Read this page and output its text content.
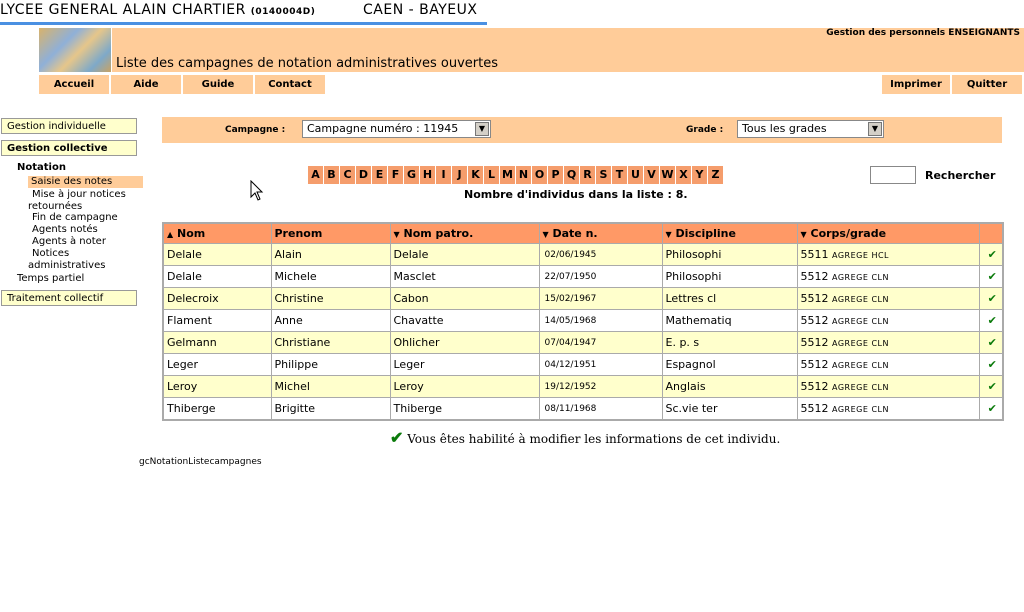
LYCEE GENERAL ALAIN CHARTIER (0140004D)	CAEN - BAYEUX
Gestion des personnels ENSEIGNANTS
Liste des campagnes de notation administratives ouvertes
Accueil	Aide	Guide	Contact	Imprimer	Quitter
Gestion individuelle
Gestion collective
Notation
Saisie des notes
Mise à jour notices
retournées
Fin de campagne
Agents notés
Agents à noter
Notices
administratives
Temps partiel
Traitement collectif
Campagne :	Campagne numéro : 11945	▼	Grade :	Tous les grades	▼
A B C D E F G H I	J K L M N O P Q R S T U V W X Y Z
Nombre d'individus dans la liste : 8.
Rechercher
▲ Nom	Prenom	▼ Nom patro.	▼ Date n.	▼ Discipline	▼ Corps/grade	
Delale	Alain	Delale	02/06/1945	Philosophi	5511 AGREGE HCL	✔
Delale	Michele	Masclet	22/07/1950	Philosophi	5512 AGREGE CLN	✔
Delecroix	Christine	Cabon	15/02/1967	Lettres cl	5512 AGREGE CLN	✔
Flament	Anne	Chavatte	14/05/1968	Mathematiq	5512 AGREGE CLN	✔
Gelmann	Christiane	Ohlicher	07/04/1947	E. p. s	5512 AGREGE CLN	✔
Leger	Philippe	Leger	04/12/1951	Espagnol	5512 AGREGE CLN	✔
Leroy	Michel	Leroy	19/12/1952	Anglais	5512 AGREGE CLN	✔
Thiberge	Brigitte	Thiberge	08/11/1968	Sc.vie ter	5512 AGREGE CLN	✔
✔ Vous êtes habilité à modifier les informations de cet individu.
gcNotationListecampagnes
